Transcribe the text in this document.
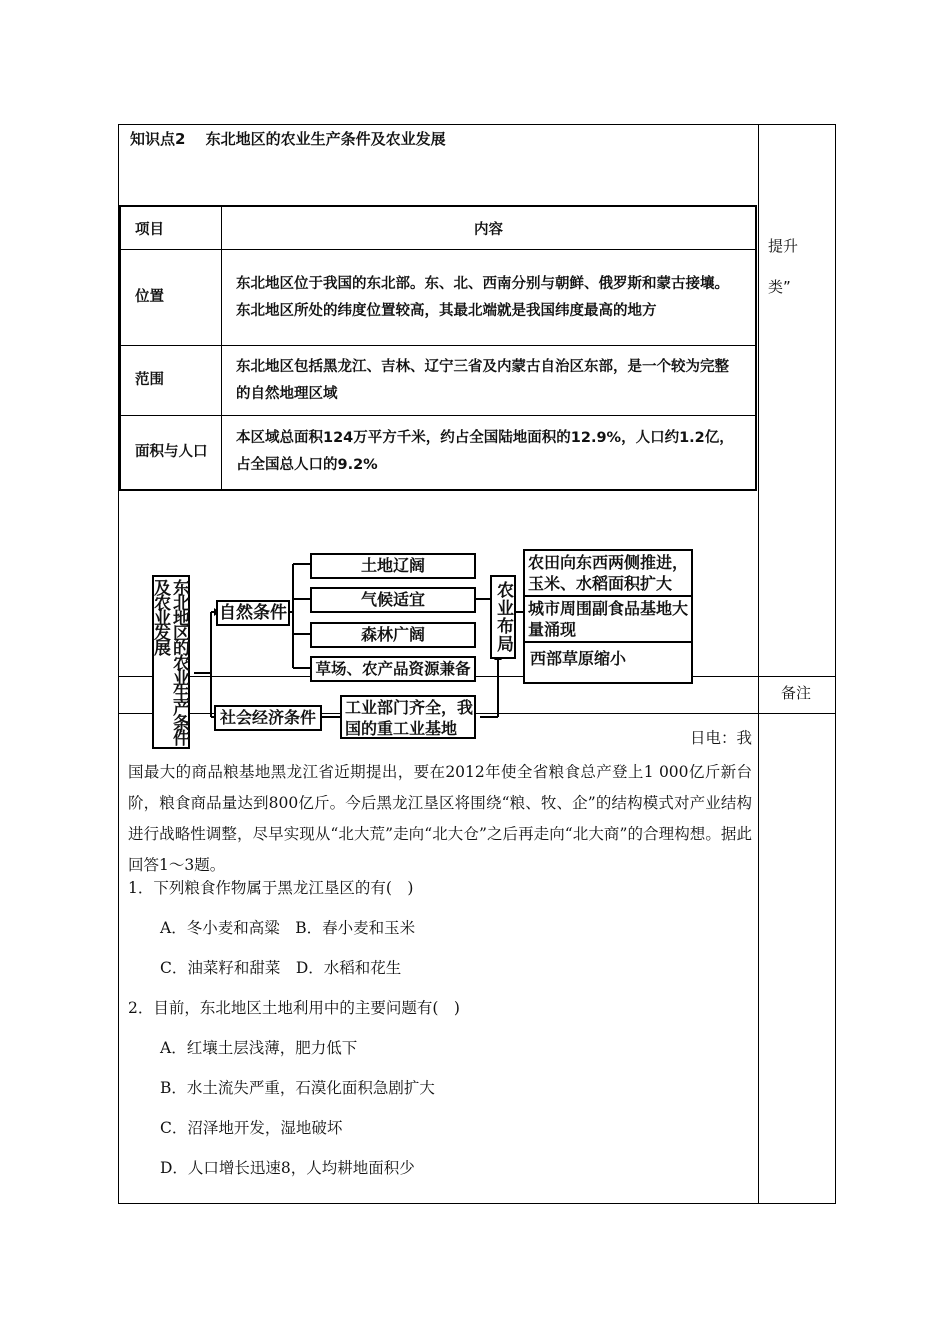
知识点2　 东北地区的农业生产条件及农业发展
提升
类”
备注
项目	内容
位置	东北地区位于我国的东北部。东、北、西南分别与朝鲜、俄罗斯和蒙古接壤。东北地区所处的纬度位置较高，其最北端就是我国纬度最高的地方
范围	东北地区包括黑龙江、吉林、辽宁三省及内蒙古自治区东部，是一个较为完整的自然地理区域
面积与人口	本区域总面积124万平方千米，约占全国陆地面积的12.9%，人口约1.2亿，占全国总人口的9.2%
日电：我
国最大的商品粮基地黑龙江省近期提出，要在2012年使全省粮食总产登上1 000亿斤新台阶，粮食商品量达到800亿斤。今后黑龙江垦区将围绕“粮、牧、企”的结构模式对产业结构进行战略性调整，尽早实现从“北大荒”走向“北大仓”之后再走向“北大商”的合理构想。据此回答1～3题。
东北地区的农业生产条件及农业发展	自然条件
社会经济条件
土地辽阔
气候适宜
森林广阔
草场、农产品资源兼备
工业部门齐全，我国的重工业基地
农业布局
农田向东西两侧推进，玉米、水稻面积扩大
城市周围副食品基地大量涌现
西部草原缩小
1．下列粮食作物属于黑龙江垦区的有(　)
A．冬小麦和高粱　B．春小麦和玉米
C．油菜籽和甜菜　D．水稻和花生
2．目前，东北地区土地利用中的主要问题有(　)
A．红壤土层浅薄，肥力低下
B．水土流失严重，石漠化面积急剧扩大
C．沼泽地开发，湿地破坏
D．人口增长迅速8，人均耕地面积少
